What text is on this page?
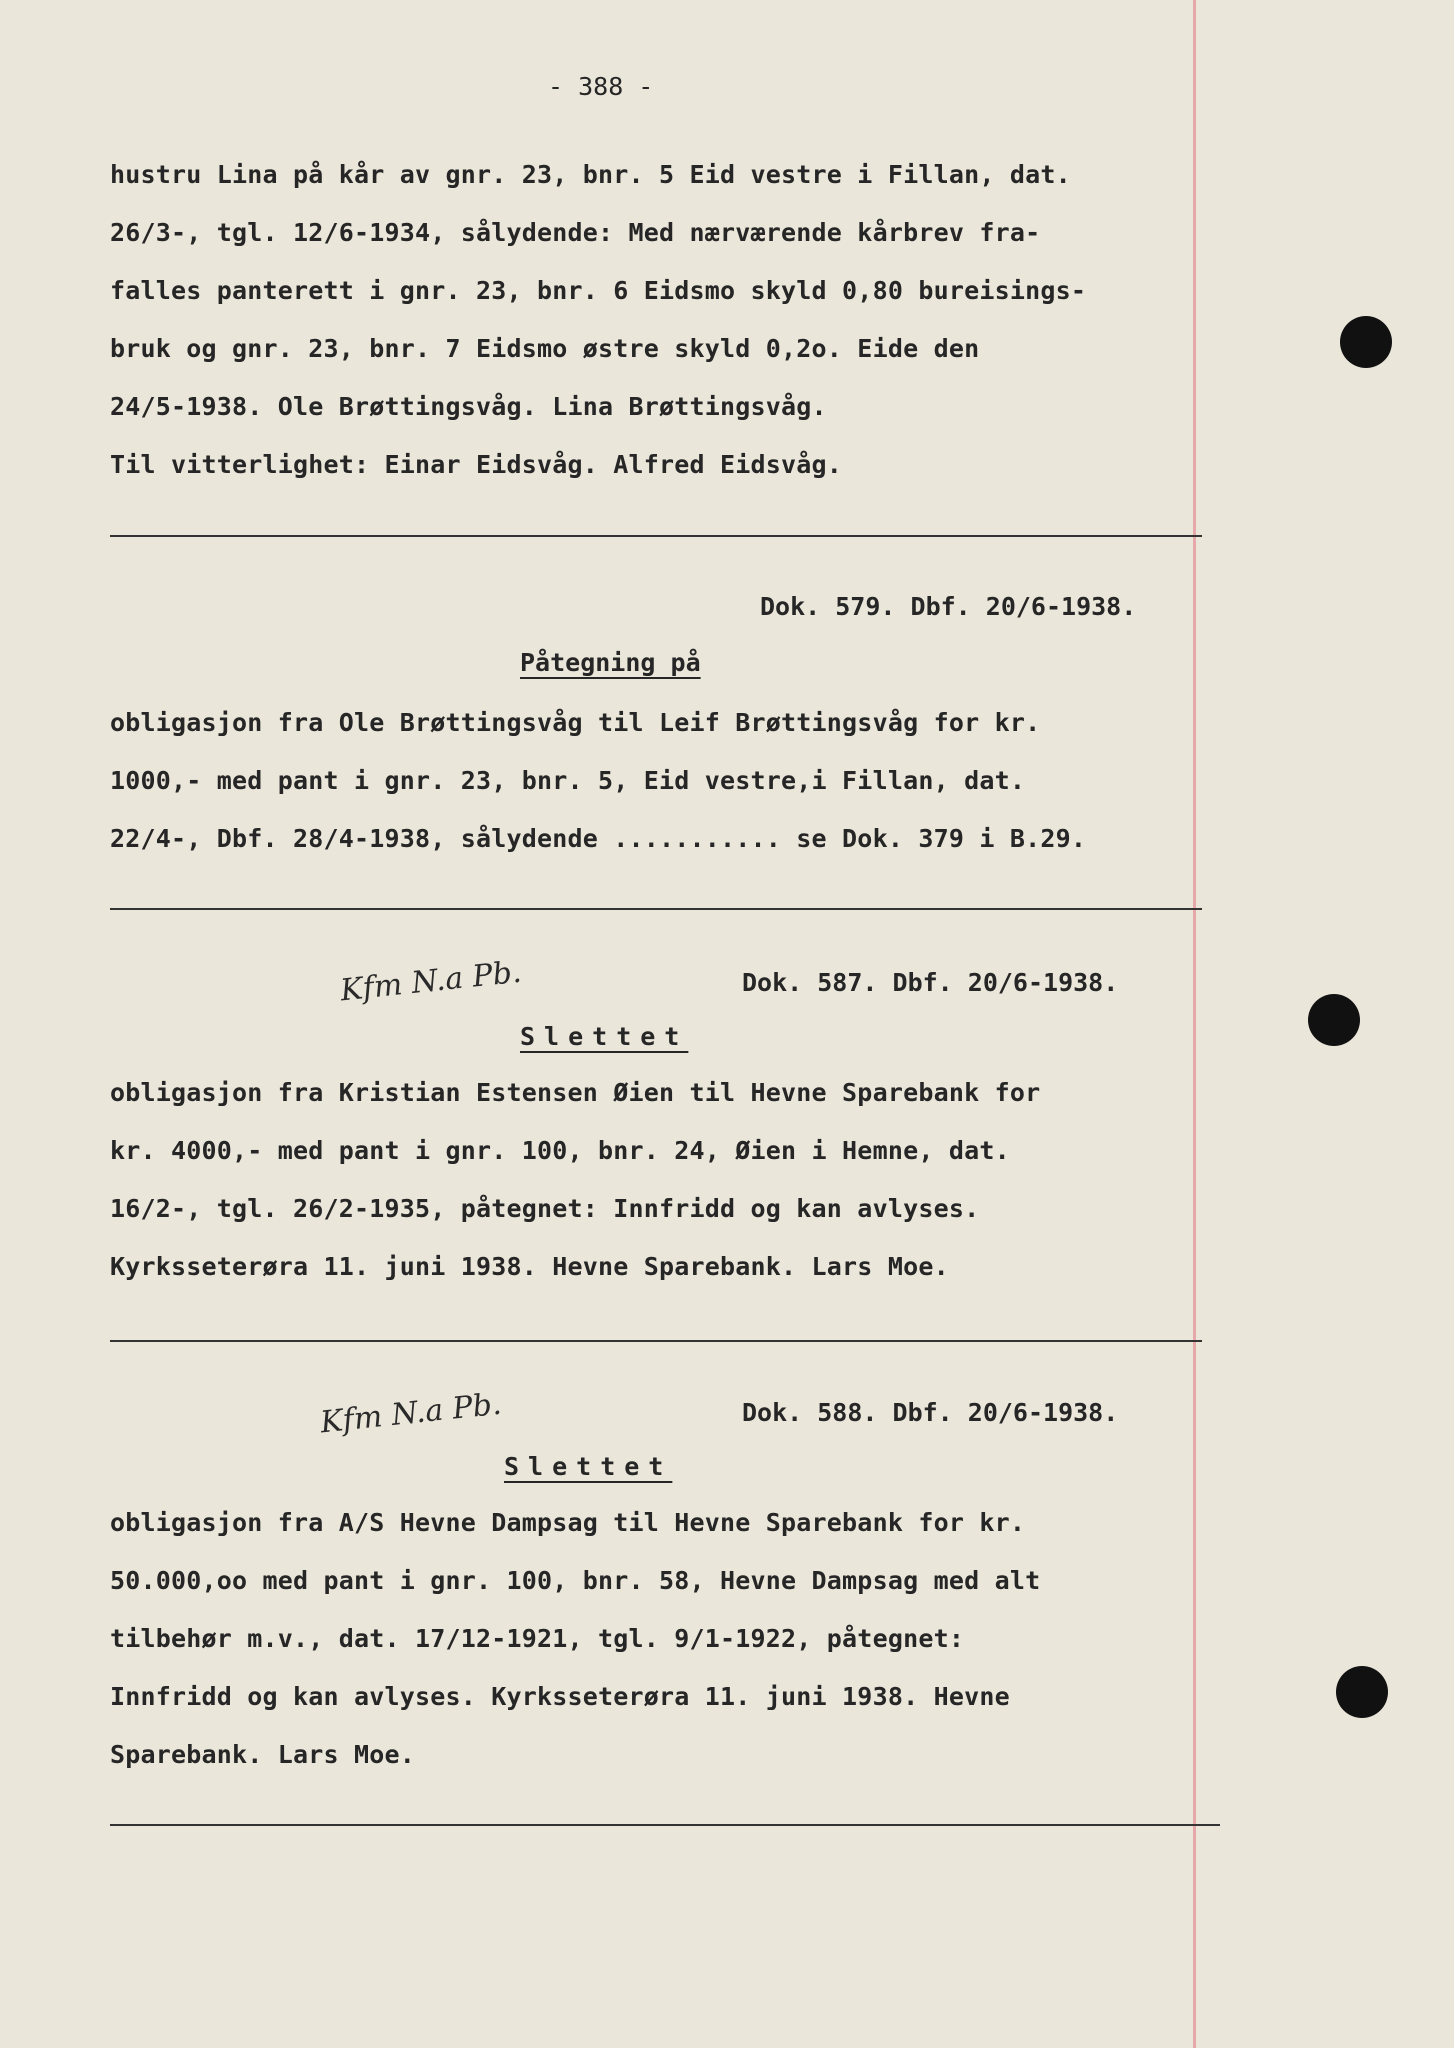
- 388 -
hustru Lina på kår av gnr. 23, bnr. 5 Eid vestre i Fillan, dat.
26/3-, tgl. 12/6-1934, sålydende: Med nærværende kårbrev fra-
falles panterett i gnr. 23, bnr. 6 Eidsmo skyld 0,80 bureisings-
bruk og gnr. 23, bnr. 7 Eidsmo østre skyld 0,2o. Eide den
24/5-1938. Ole Brøttingsvåg. Lina Brøttingsvåg.
Til vitterlighet: Einar Eidsvåg. Alfred Eidsvåg.
Dok. 579. Dbf. 20/6-1938.
Påtegning på
obligasjon fra Ole Brøttingsvåg til Leif Brøttingsvåg for kr.
1000,- med pant i gnr. 23, bnr. 5, Eid vestre,i Fillan, dat.
22/4-, Dbf. 28/4-1938, sålydende ........... se Dok. 379 i B.29.
Kfm N.a Pb.	Dok. 587. Dbf. 20/6-1938.
Slettet
obligasjon fra Kristian Estensen Øien til Hevne Sparebank for
kr. 4000,- med pant i gnr. 100, bnr. 24, Øien i Hemne, dat.
16/2-, tgl. 26/2-1935, påtegnet: Innfridd og kan avlyses.
Kyrksseterøra 11. juni 1938. Hevne Sparebank. Lars Moe.
Kfm N.a Pb.	Dok. 588. Dbf. 20/6-1938.
Slettet
obligasjon fra A/S Hevne Dampsag til Hevne Sparebank for kr.
50.000,oo med pant i gnr. 100, bnr. 58, Hevne Dampsag med alt
tilbehør m.v., dat. 17/12-1921, tgl. 9/1-1922, påtegnet:
Innfridd og kan avlyses. Kyrksseterøra 11. juni 1938. Hevne
Sparebank. Lars Moe.
